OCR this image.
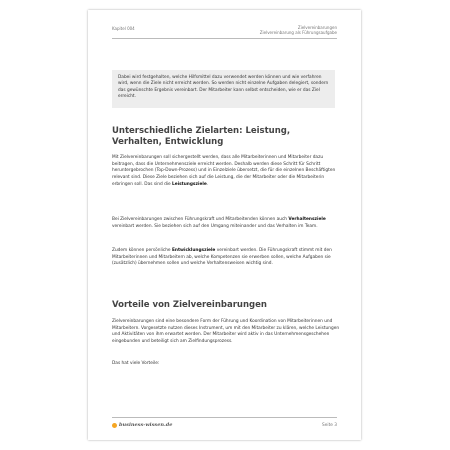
Kapitel 004	Zielvereinbarungen
Zielvereinbarung als Führungsaufgabe
Dabei wird festgehalten, welche Hilfsmittel dazu verwendet werden können und wie verfahren wird, wenn die Ziele nicht erreicht werden. So werden nicht einzelne Aufgaben delegiert, sondern das gewünschte Ergebnis vereinbart. Der Mitarbeiter kann selbst entscheiden, wie er das Ziel erreicht.
Unterschiedliche Zielarten: Leistung, Verhalten, Entwicklung
Mit Zielvereinbarungen soll sichergestellt werden, dass alle Mitarbeiterinnen und Mitarbeiter dazu beitragen, dass die Unternehmensziele erreicht werden. Deshalb werden diese Schritt für Schritt heruntergebrochen (Top-Down-Prozess) und in Einzelziele übersetzt, die für die einzelnen Beschäftigten relevant sind. Diese Ziele beziehen sich auf die Leistung, die der Mitarbeiter oder die Mitarbeiterin erbringen soll. Das sind die Leistungsziele.
Bei Zielvereinbarungen zwischen Führungskraft und Mitarbeitenden können auch Verhaltensziele vereinbart werden. Sie beziehen sich auf den Umgang miteinander und das Verhalten im Team.
Zudem können persönliche Entwicklungsziele vereinbart werden. Die Führungskraft stimmt mit den Mitarbeiterinnen und Mitarbeitern ab, welche Kompetenzen sie erwerben sollen, welche Aufgaben sie (zusätzlich) übernehmen sollen und welche Verhaltensweisen wichtig sind.
Vorteile von Zielvereinbarungen
Zielvereinbarungen sind eine besondere Form der Führung und Koordination von Mitarbeiterinnen und Mitarbeitern. Vorgesetzte nutzen dieses Instrument, um mit den Mitarbeiter zu klären, welche Leistungen und Aktivitäten von ihm erwartet werden. Der Mitarbeiter wird aktiv in das Unternehmensgeschehen eingebunden und beteiligt sich am Zielfindungsprozess.
Das hat viele Vorteile:
business-wissen.de	Seite 3
